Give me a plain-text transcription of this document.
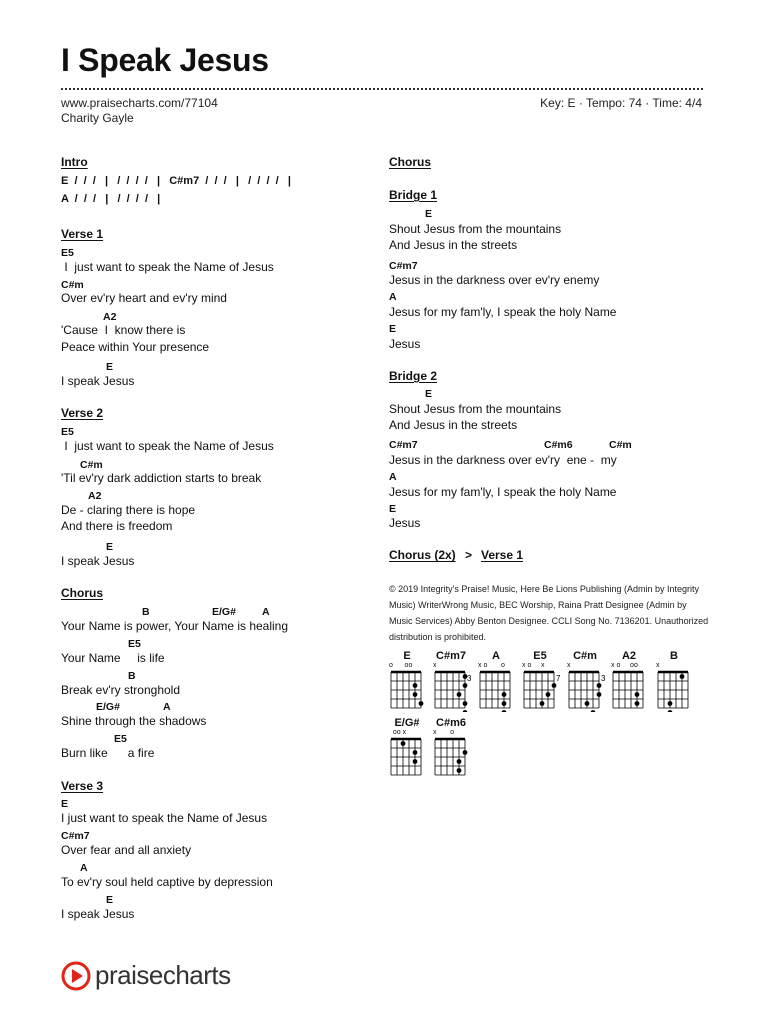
I Speak Jesus
www.praisecharts.com/77104
Charity Gayle
Key: E · Tempo: 74 · Time: 4/4
Intro
E  /  /  /   |   /  /  /  /   |   C#m7  /  /  /   |   /  /  /  /   |
A  /  /  /   |   /  /  /  /   |
Verse 1
E5
I  just want to speak the Name of Jesus
C#m
Over ev'ry heart and ev'ry mind
A2
'Cause  I  know there is
Peace within Your presence
E
I speak Jesus
Verse 2
E5
I  just want to speak the Name of Jesus
C#m
'Til ev'ry dark addiction starts to break
A2
De - claring there is hope
And there is freedom
E
I speak Jesus
Chorus
B	E/G# A
Your Name is power, Your Name is healing
E5
Your Name     is life
B
Break ev'ry stronghold
E/G#	A
Shine through the shadows
E5
Burn like      a fire
Verse 3
E
I just want to speak the Name of Jesus
C#m7
Over fear and all anxiety
A
To ev'ry soul held captive by depression
E
I speak Jesus
Chorus
Bridge 1
E
Shout Jesus from the mountains
And Jesus in the streets
C#m7
Jesus in the darkness over ev'ry enemy
A
Jesus for my fam'ly, I speak the holy Name
E
Jesus
Bridge 2
E
Shout Jesus from the mountains
And Jesus in the streets
C#m7	C#m6	C#m
Jesus in the darkness over ev'ry  ene -  my
A
Jesus for my fam'ly, I speak the holy Name
E
Jesus
Chorus (2x) > Verse 1
© 2019 Integrity's Praise! Music, Here Be Lions Publishing (Admin by Integrity Music) WriterWrong Music, BEC Worship, Raina Pratt Designee (Admin by Music Services) Abby Benton Designee. CCLI Song No. 7136201. Unauthorized distribution is prohibited.
E
o      oo
C#m7
x
3
A
x o       o
E5
x o     x
7
C#m
x
3
A2
x o     oo
B
x
E/G#
oo x
C#m6
x       o
praisecharts
